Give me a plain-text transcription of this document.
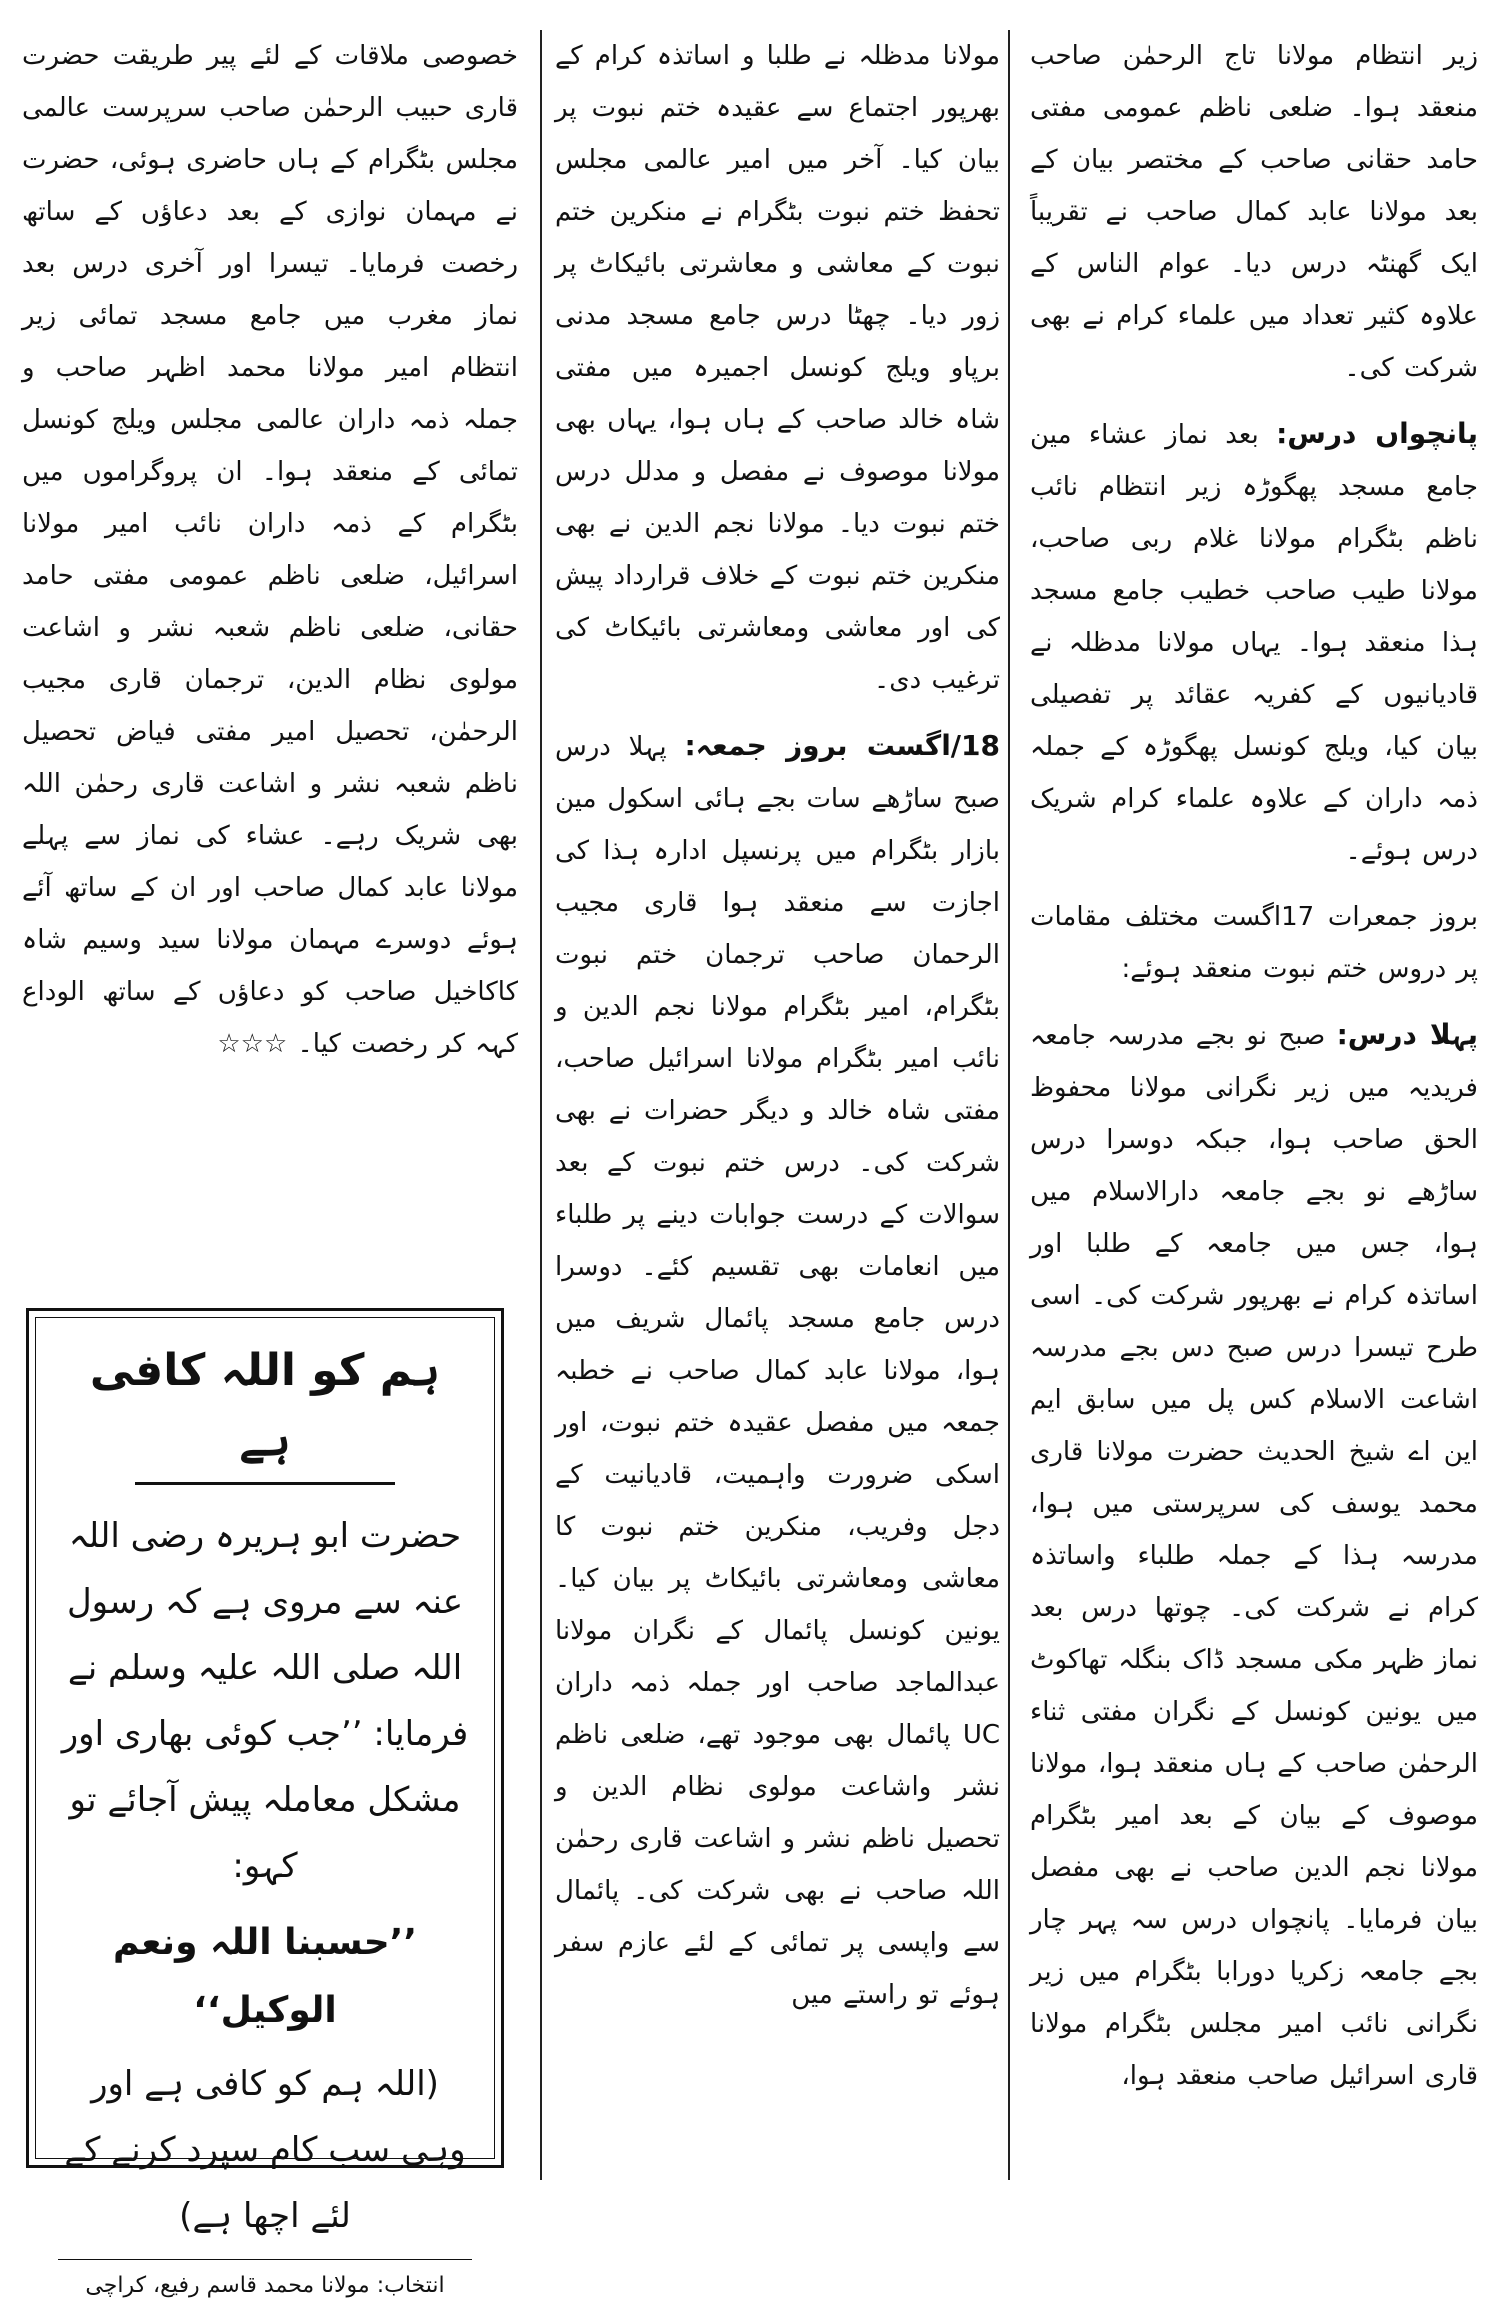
زیر انتظام مولانا تاج الرحمٰن صاحب منعقد ہوا۔ ضلعی ناظم عمومی مفتی حامد حقانی صاحب کے مختصر بیان کے بعد مولانا عابد کمال صاحب نے تقریباً ایک گھنٹہ درس دیا۔ عوام الناس کے علاوہ کثیر تعداد میں علماء کرام نے بھی شرکت کی۔

پانچواں درس: بعد نماز عشاء مین جامع مسجد پھگوڑہ زیر انتظام نائب ناظم بٹگرام مولانا غلام ربی صاحب، مولانا طیب صاحب خطیب جامع مسجد ہذا منعقد ہوا۔ یہاں مولانا مدظلہ نے قادیانیوں کے کفریہ عقائد پر تفصیلی بیان کیا، ویلج کونسل پھگوڑہ کے جملہ ذمہ داران کے علاوہ علماء کرام شریک درس ہوئے۔

بروز جمعرات 17اگست مختلف مقامات پر دروس ختم نبوت منعقد ہوئے:

پہلا درس: صبح نو بجے مدرسہ جامعہ فریدیہ میں زیر نگرانی مولانا محفوظ الحق صاحب ہوا، جبکہ دوسرا درس ساڑھے نو بجے جامعہ دارالاسلام میں ہوا، جس میں جامعہ کے طلبا اور اساتذہ کرام نے بھرپور شرکت کی۔ اسی طرح تیسرا درس صبح دس بجے مدرسہ اشاعت الاسلام کس پل میں سابق ایم این اے شیخ الحدیث حضرت مولانا قاری محمد یوسف کی سرپرستی میں ہوا، مدرسہ ہذا کے جملہ طلباء واساتذہ کرام نے شرکت کی۔ چوتھا درس بعد نماز ظہر مکی مسجد ڈاک بنگلہ تھاکوٹ میں یونین کونسل کے نگران مفتی ثناء الرحمٰن صاحب کے ہاں منعقد ہوا، مولانا موصوف کے بیان کے بعد امیر بٹگرام مولانا نجم الدین صاحب نے بھی مفصل بیان فرمایا۔ پانچواں درس سہ پہر چار بجے جامعہ زکریا دورابا بٹگرام میں زیر نگرانی نائب امیر مجلس بٹگرام مولانا قاری اسرائیل صاحب منعقد ہوا،

مولانا مدظلہ نے طلبا و اساتذہ کرام کے بھرپور اجتماع سے عقیدہ ختم نبوت پر بیان کیا۔ آخر میں امیر عالمی مجلس تحفظ ختم نبوت بٹگرام نے منکرین ختم نبوت کے معاشی و معاشرتی بائیکاٹ پر زور دیا۔ چھٹا درس جامع مسجد مدنی برپاو ویلج کونسل اجمیرہ میں مفتی شاہ خالد صاحب کے ہاں ہوا، یہاں بھی مولانا موصوف نے مفصل و مدلل درس ختم نبوت دیا۔ مولانا نجم الدین نے بھی منکرین ختم نبوت کے خلاف قرارداد پیش کی اور معاشی ومعاشرتی بائیکاٹ کی ترغیب دی۔

18/اگست بروز جمعہ: پہلا درس صبح ساڑھے سات بجے ہائی اسکول مین بازار بٹگرام میں پرنسپل ادارہ ہذا کی اجازت سے منعقد ہوا قاری مجیب الرحمان صاحب ترجمان ختم نبوت بٹگرام، امیر بٹگرام مولانا نجم الدین و نائب امیر بٹگرام مولانا اسرائیل صاحب، مفتی شاہ خالد و دیگر حضرات نے بھی شرکت کی۔ درس ختم نبوت کے بعد سوالات کے درست جوابات دینے پر طلباء میں انعامات بھی تقسیم کئے۔ دوسرا درس جامع مسجد پائمال شریف میں ہوا، مولانا عابد کمال صاحب نے خطبہ جمعہ میں مفصل عقیدہ ختم نبوت، اور اسکی ضرورت واہمیت، قادیانیت کے دجل وفریب، منکرین ختم نبوت کا معاشی ومعاشرتی بائیکاٹ پر بیان کیا۔ یونین کونسل پائمال کے نگران مولانا عبدالماجد صاحب اور جملہ ذمہ داران UC پائمال بھی موجود تھے، ضلعی ناظم نشر واشاعت مولوی نظام الدین و تحصیل ناظم نشر و اشاعت قاری رحمٰن اللہ صاحب نے بھی شرکت کی۔ پائمال سے واپسی پر تمائی کے لئے عازم سفر ہوئے تو راستے میں

خصوصی ملاقات کے لئے پیر طریقت حضرت قاری حبیب الرحمٰن صاحب سرپرست عالمی مجلس بٹگرام کے ہاں حاضری ہوئی، حضرت نے مہمان نوازی کے بعد دعاؤں کے ساتھ رخصت فرمایا۔ تیسرا اور آخری درس بعد نماز مغرب میں جامع مسجد تمائی زیر انتظام امیر مولانا محمد اظہر صاحب و جملہ ذمہ داران عالمی مجلس ویلج کونسل تمائی کے منعقد ہوا۔ ان پروگراموں میں بٹگرام کے ذمہ داران نائب امیر مولانا اسرائیل، ضلعی ناظم عمومی مفتی حامد حقانی، ضلعی ناظم شعبہ نشر و اشاعت مولوی نظام الدین، ترجمان قاری مجیب الرحمٰن، تحصیل امیر مفتی فیاض تحصیل ناظم شعبہ نشر و اشاعت قاری رحمٰن اللہ بھی شریک رہے۔ عشاء کی نماز سے پہلے مولانا عابد کمال صاحب اور ان کے ساتھ آئے ہوئے دوسرے مہمان مولانا سید وسیم شاہ کاکاخیل صاحب کو دعاؤں کے ساتھ الوداع کہہ کر رخصت کیا۔ ☆☆☆

ہم کو اللہ کافی ہے

حضرت ابو ہریرہ رضی اللہ عنہ سے مروی ہے کہ رسول اللہ صلی اللہ علیہ وسلم نے فرمایا: ’’جب کوئی بھاری اور مشکل معاملہ پیش آجائے تو کہو:

’’حسبنا اللہ ونعم الوکیل‘‘

(اللہ ہم کو کافی ہے اور وہی سب کام سپرد کرنے کے لئے اچھا ہے)

انتخاب: مولانا محمد قاسم رفیع، کراچی
